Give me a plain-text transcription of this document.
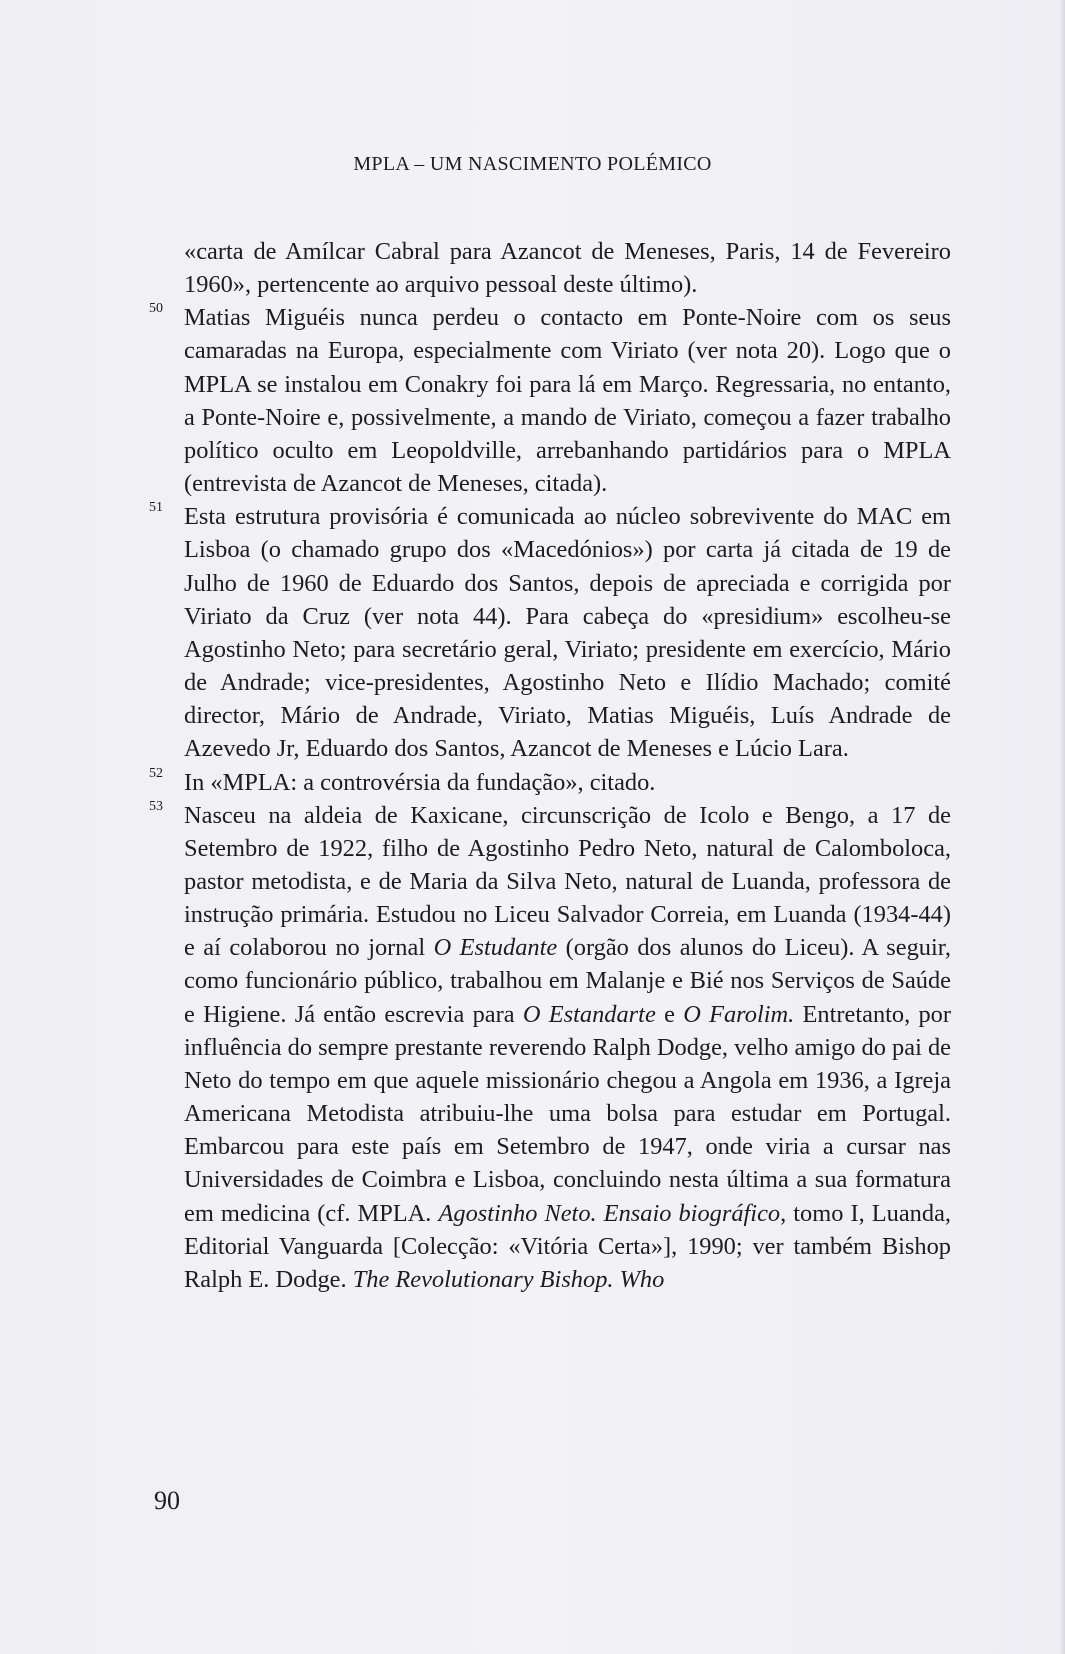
MPLA – UM NASCIMENTO POLÉMICO

«carta de Amílcar Cabral para Azancot de Meneses, Paris, 14 de Fevereiro 1960», pertencente ao arquivo pessoal deste último).

50 Matias Miguéis nunca perdeu o contacto em Ponte-Noire com os seus camaradas na Europa, especialmente com Viriato (ver nota 20). Logo que o MPLA se instalou em Conakry foi para lá em Março. Regressaria, no entanto, a Ponte-Noire e, possivelmente, a mando de Viriato, começou a fazer trabalho político oculto em Leopoldville, arrebanhando partidários para o MPLA (entrevista de Azancot de Meneses, citada).

51 Esta estrutura provisória é comunicada ao núcleo sobrevivente do MAC em Lisboa (o chamado grupo dos «Macedónios») por carta já citada de 19 de Julho de 1960 de Eduardo dos Santos, depois de apreciada e corrigida por Viriato da Cruz (ver nota 44). Para cabeça do «presidium» escolheu-se Agostinho Neto; para secretário geral, Viriato; presidente em exercício, Mário de Andrade; vice-presidentes, Agostinho Neto e Ilídio Machado; comité director, Mário de Andrade, Viriato, Matias Miguéis, Luís Andrade de Azevedo Jr, Eduardo dos Santos, Azancot de Meneses e Lúcio Lara.

52 In «MPLA: a controvérsia da fundação», citado.

53 Nasceu na aldeia de Kaxicane, circunscrição de Icolo e Bengo, a 17 de Setembro de 1922, filho de Agostinho Pedro Neto, natural de Calomboloca, pastor metodista, e de Maria da Silva Neto, natural de Luanda, professora de instrução primária. Estudou no Liceu Salvador Correia, em Luanda (1934-44) e aí colaborou no jornal O Estudante (orgão dos alunos do Liceu). A seguir, como funcionário público, trabalhou em Malanje e Bié nos Serviços de Saúde e Higiene. Já então escrevia para O Estandarte e O Farolim. Entretanto, por influência do sempre prestante reverendo Ralph Dodge, velho amigo do pai de Neto do tempo em que aquele missionário chegou a Angola em 1936, a Igreja Americana Metodista atribuiu-lhe uma bolsa para estudar em Portugal. Embarcou para este país em Setembro de 1947, onde viria a cursar nas Universidades de Coimbra e Lisboa, concluindo nesta última a sua formatura em medicina (cf. MPLA. Agostinho Neto. Ensaio biográfico, tomo I, Luanda, Editorial Vanguarda [Colecção: «Vitória Certa»], 1990; ver também Bishop Ralph E. Dodge. The Revolutionary Bishop. Who

90
